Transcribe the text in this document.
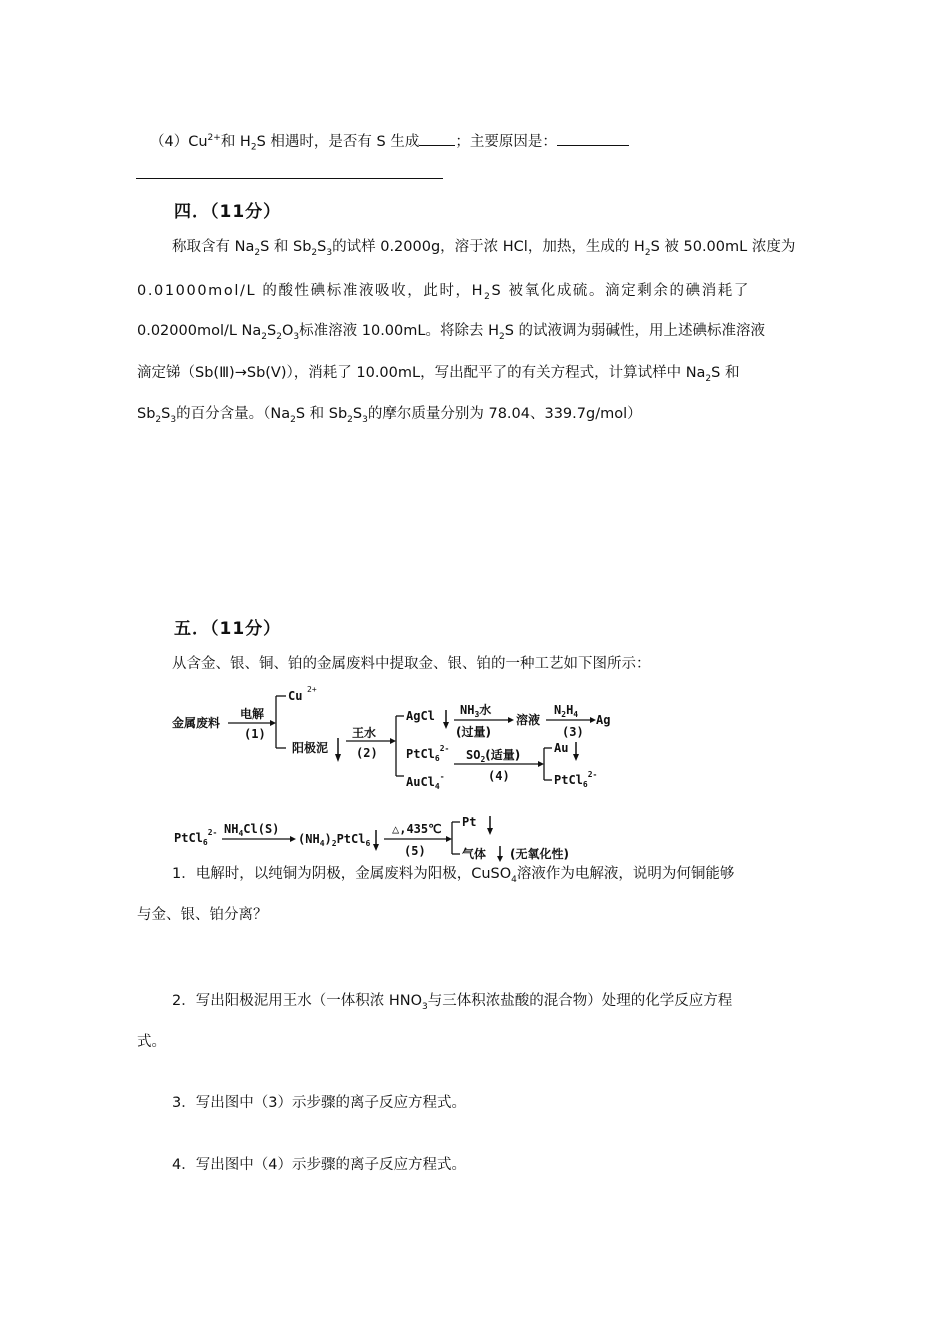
$(4)Cu^{2+}$和 $H_2S$ 相遇时，是否有 S 生成 ；主要原因是：
四．（11分）
称取含有 $Na_2S$ 和 $Sb_2S_3$的试样 0.2000g，溶于浓 HCl，加热，生成的 $H_2S$ 被 50.00mL 浓度为
0.01000mol/L 的酸性碘标准液吸收，此时，$H_2S$ 被氧化成硫。滴定剩余的碘消耗了
0.02000mol/L $Na_2S_2O_3$标准溶液 10.00mL。将除去 $H_2S$ 的试液调为弱碱性，用上述碘标准溶液
滴定锑（Sb(Ⅲ)→Sb(Ⅴ)），消耗了 10.00mL，写出配平了的有关方程式，计算试样中 $Na_2S$ 和
$Sb_2S_3$的百分含量。（$Na_2S$ 和 $Sb_2S_3$的摩尔质量分别为 78.04、339.7g/mol）
五．（11分）
从含金、银、铜、铂的金属废料中提取金、银、铂的一种工艺如下图所示：
金属废料
电解
(1)
Cu 2+
阳极泥
王水
(2)
AgCl $NH_3$水
(过量)
溶液
$N_2H_4$
(3)
Ag
PtCl$_6^{2-}$
AuCl$_4$-
$SO_2$(适量)
(4)
Au
PtCl$_6^{2-}$
PtCl$_6^{2-}$ $NH_4Cl(S)$
$(NH_4)_2PtCl_6$
△,435℃
(5)
Pt
气体 (无氧化性)
1．电解时，以纯铜为阴极，金属废料为阳极，CuSO$_4$溶液作为电解液，说明为何铜能够
与金、银、铂分离？
2．写出阳极泥用王水（一体积浓 $HNO_3$与三体积浓盐酸的混合物）处理的化学反应方程
式。
3．写出图中（3）示步骤的离子反应方程式。
4．写出图中（4）示步骤的离子反应方程式。
